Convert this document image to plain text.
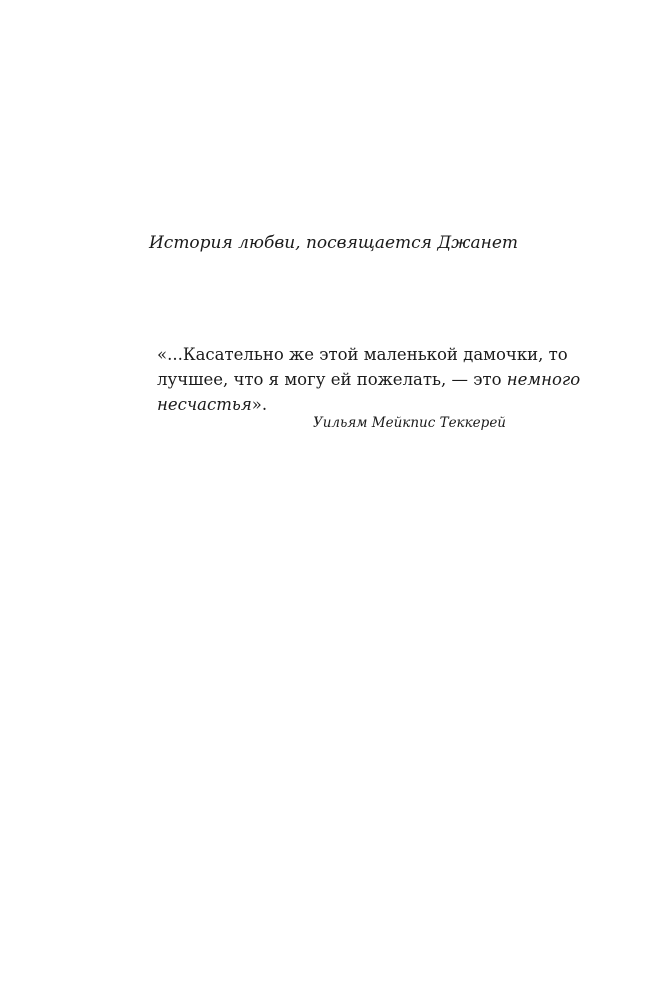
История любви, посвящается Джанет

«...Касательно же этой маленькой дамочки, то
лучшее, что я могу ей пожелать, — это немного
несчастья».

Уильям Мейкпис Теккерей
